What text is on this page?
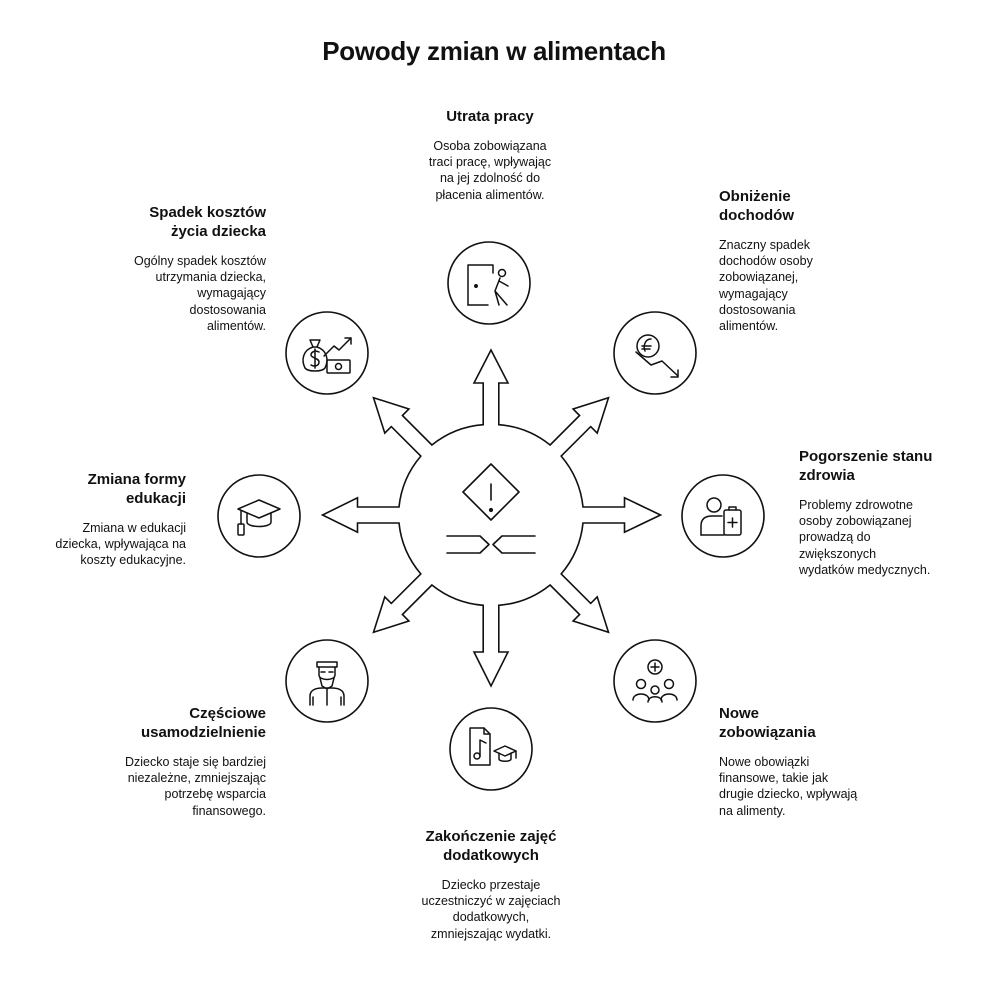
Powody zmian w alimentach
Utrata pracy

Osoba zobowiązana traci pracę, wpływając na jej zdolność do płacenia alimentów.	Obniżenie dochodów

Znaczny spadek dochodów osoby zobowiązanej, wymagający dostosowania alimentów.

Pogorszenie stanu zdrowia

Problemy zdrowotne osoby zobowiązanej prowadzą do zwiększonych wydatków medycznych.

Nowe zobowiązania

Nowe obowiązki finansowe, takie jak drugie dziecko, wpływają na alimenty.

Zakończenie zajęć dodatkowych

Dziecko przestaje uczestniczyć w zajęciach dodatkowych, zmniejszając wydatki.

Częściowe usamodzielnienie

Dziecko staje się bardziej niezależne, zmniejszając potrzebę wsparcia finansowego.

Zmiana formy edukacji

Zmiana w edukacji dziecka, wpływająca na koszty edukacyjne.

Spadek kosztów życia dziecka

Ogólny spadek kosztów utrzymania dziecka, wymagający dostosowania alimentów.
